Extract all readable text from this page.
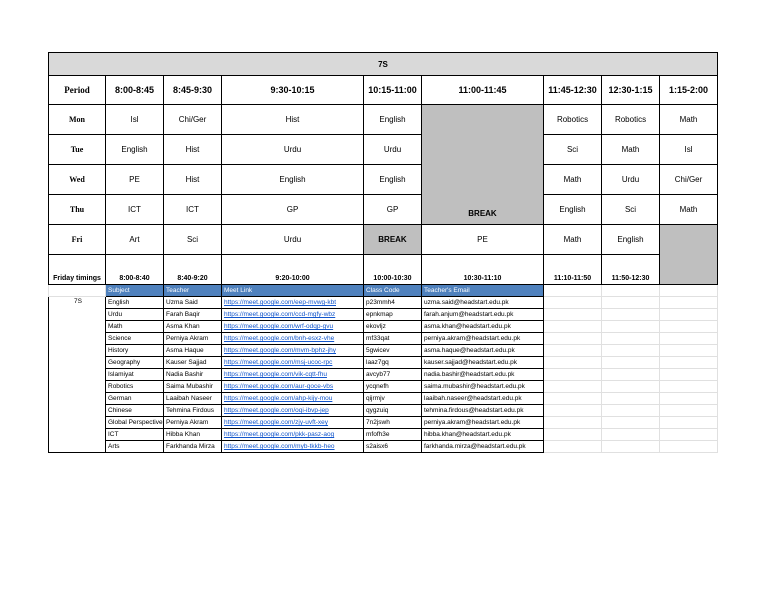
7S								
Period	8:00-8:45	8:45-9:30	9:30-10:15	10:15-11:00	11:00-11:45	11:45-12:30	12:30-1:15	1:15-2:00
Mon	Isl	Chi/Ger	Hist	English	BREAK	Robotics	Robotics	Math
Tue	English	Hist	Urdu	Urdu		Sci	Math	Isl
Wed	PE	Hist	English	English		Math	Urdu	Chi/Ger
Thu	ICT	ICT	GP	GP		English	Sci	Math
Fri	Art	Sci	Urdu	BREAK	PE	Math	English	
Friday timings	8:00-8:40	8:40-9:20	9:20-10:00	10:00-10:30	10:30-11:10	11:10-11:50	11:50-12:30	
	Subject	Teacher	Meet Link	Class Code	Teacher's Email			
7S	English	Uzma Said	https://meet.google.com/eep-mvwg-kbt	p23mmh4	uzma.said@headstart.edu.pk			
	Urdu	Farah Baqir	https://meet.google.com/ccd-mgfy-wbz	epnkmap	farah.anjum@headstart.edu.pk			
	Math	Asma Khan	https://meet.google.com/wrf-odqp-gvu	ekovljz	asma.khan@headstart.edu.pk			
	Science	Perniya Akram	https://meet.google.com/bnh-esxz-vhe	mf33qat	perniya.akram@headstart.edu.pk			
	History	Asma Haque	https://meet.google.com/mvm-bphz-jhy	5gwicev	asma.haque@headstart.edu.pk			
	Geography	Kauser Sajjad	https://meet.google.com/msj-ucoc-rpc	laaz7gq	kauser.sajjad@headstart.edu.pk			
	Islamiyat	Nadia Bashir	https://meet.google.com/vik-cqtt-fhu	avcyb77	nadia.bashir@headstart.edu.pk			
	Robotics	Saima Mubashir	https://meet.google.com/aur-qoce-vbs	ycqnefh	saima.mubashir@headstart.edu.pk			
	German	Laaibah Naseer	https://meet.google.com/ahp-kijy-mou	qijrmjv	laaibah.naseer@headstart.edu.pk			
	Chinese	Tehmina Firdous	https://meet.google.com/oqi-ibvp-jep	qygzuiq	tehmina.firdous@headstart.edu.pk			
	Global Perspective	Perniya Akram	https://meet.google.com/zjy-uvft-xey	7n2jswh	perniya.akram@headstart.edu.pk			
	ICT	Hibba Khan	https://meet.google.com/pkk-pasz-aog	mfofh3e	hibba.khan@headstart.edu.pk			
	Arts	Farkhanda Mirza	https://meet.google.com/myb-tkkb-heo	s2aisx6	farkhanda.mirza@headstart.edu.pk			
